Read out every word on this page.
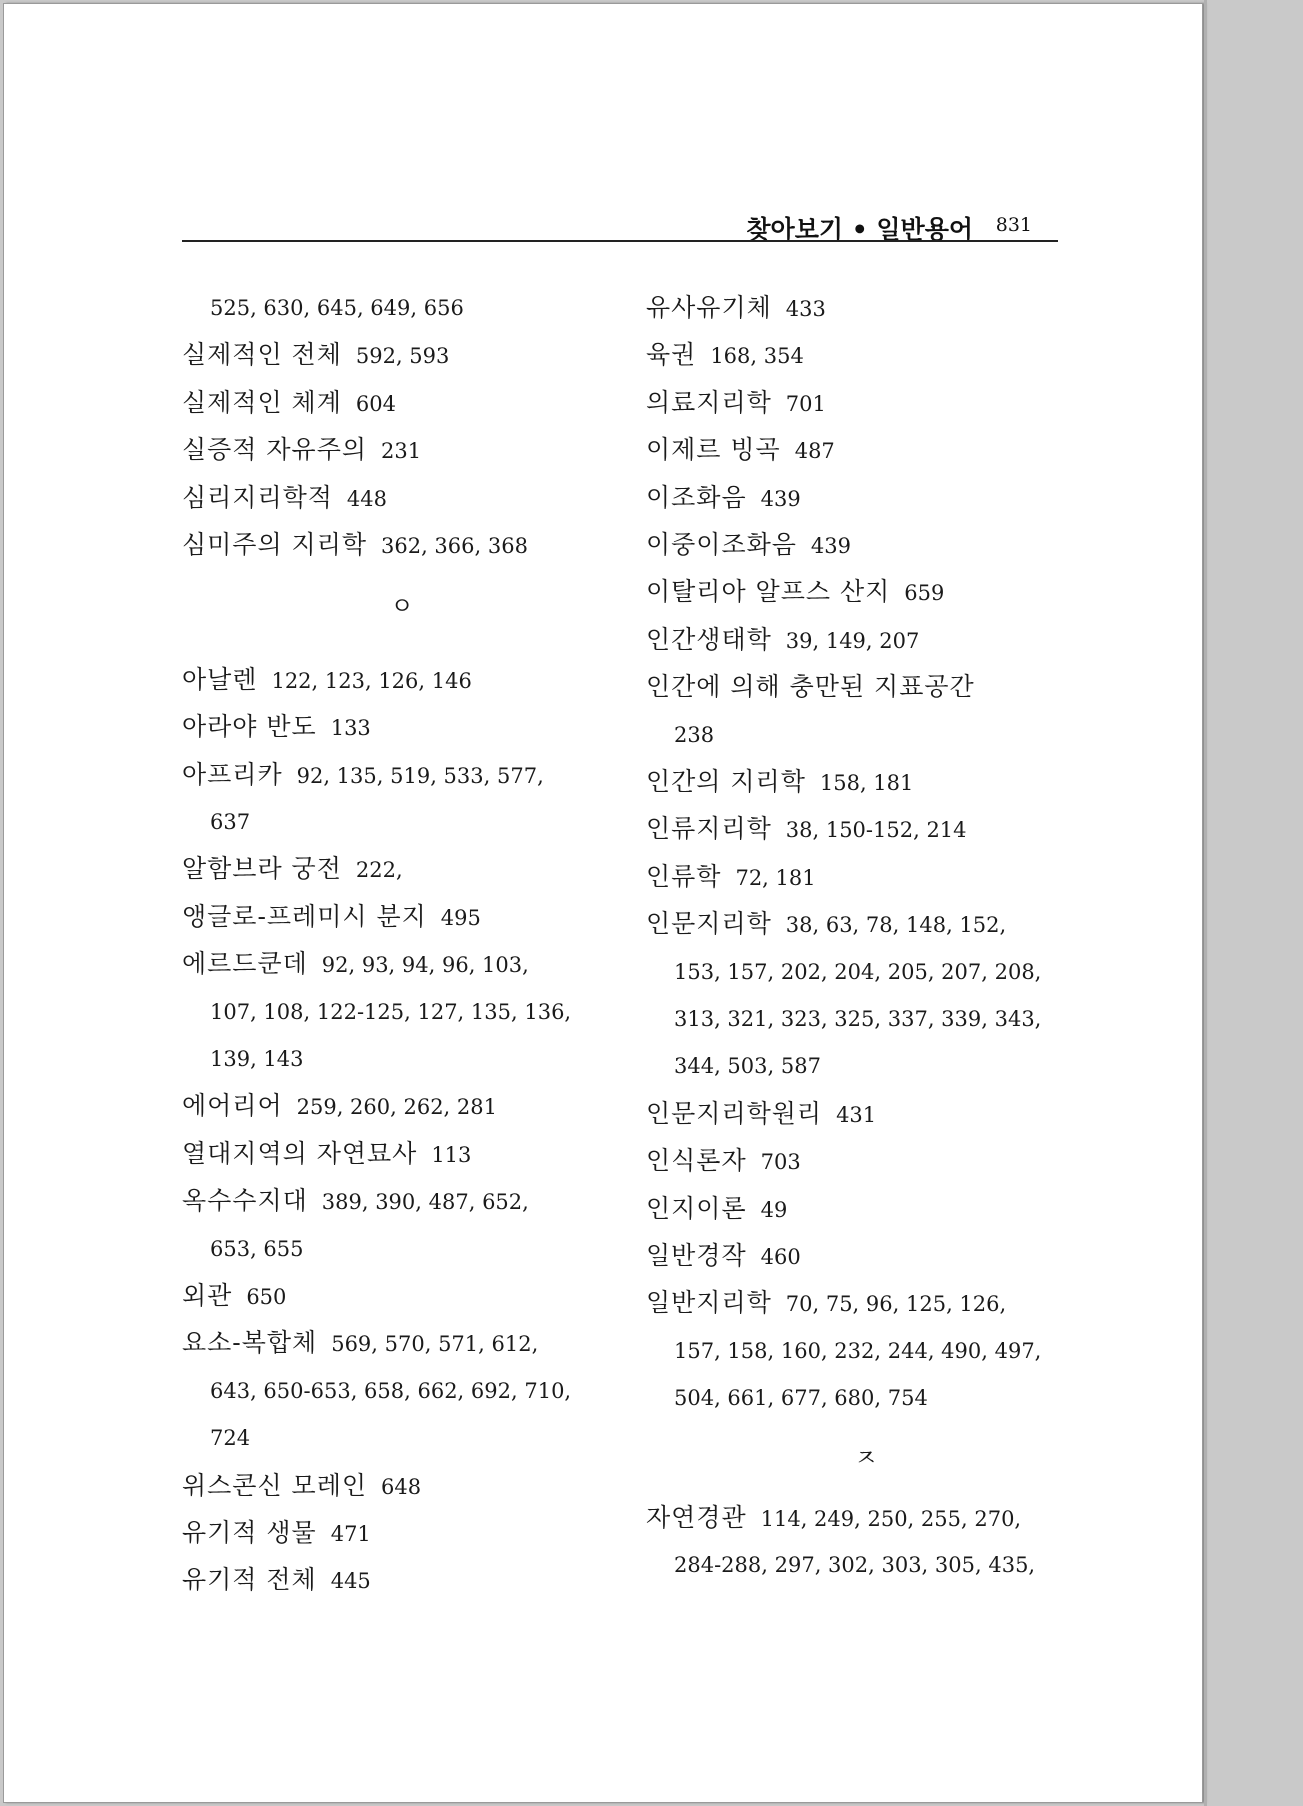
찾아보기 • 일반용어 831
525, 630, 645, 649, 656
실제적인 전체 592, 593
실제적인 체계 604
실증적 자유주의 231
심리지리학적 448
심미주의 지리학 362, 366, 368
ㅇ
아날렌 122, 123, 126, 146
아라야 반도 133
아프리카 92, 135, 519, 533, 577,
637
알함브라 궁전 222,
앵글로-프레미시 분지 495
에르드쿤데 92, 93, 94, 96, 103,
107, 108, 122-125, 127, 135, 136,
139, 143
에어리어 259, 260, 262, 281
열대지역의 자연묘사 113
옥수수지대 389, 390, 487, 652,
653, 655
외관 650
요소-복합체 569, 570, 571, 612,
643, 650-653, 658, 662, 692, 710,
724
위스콘신 모레인 648
유기적 생물 471
유기적 전체 445
유사유기체 433
육권 168, 354
의료지리학 701
이제르 빙곡 487
이조화음 439
이중이조화음 439
이탈리아 알프스 산지 659
인간생태학 39, 149, 207
인간에 의해 충만된 지표공간
238
인간의 지리학 158, 181
인류지리학 38, 150-152, 214
인류학 72, 181
인문지리학 38, 63, 78, 148, 152,
153, 157, 202, 204, 205, 207, 208,
313, 321, 323, 325, 337, 339, 343,
344, 503, 587
인문지리학원리 431
인식론자 703
인지이론 49
일반경작 460
일반지리학 70, 75, 96, 125, 126,
157, 158, 160, 232, 244, 490, 497,
504, 661, 677, 680, 754
ㅈ
자연경관 114, 249, 250, 255, 270,
284-288, 297, 302, 303, 305, 435,
